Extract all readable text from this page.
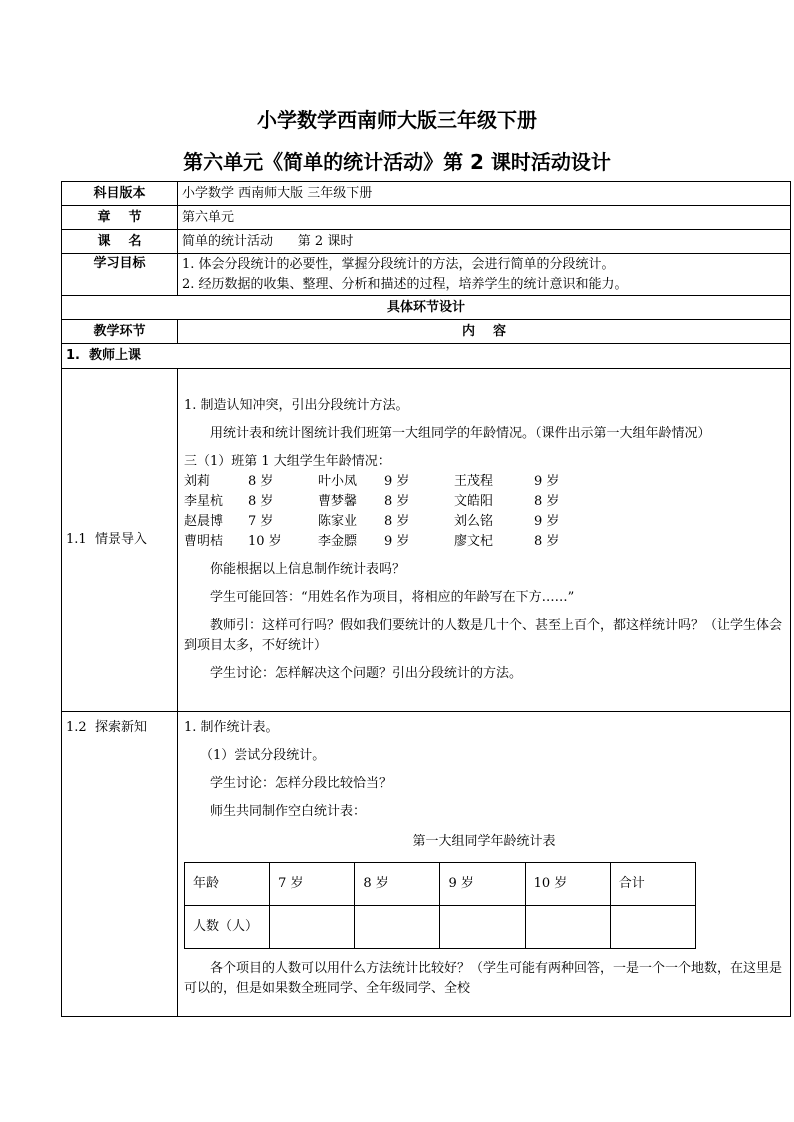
小学数学西南师大版三年级下册
第六单元《简单的统计活动》第 2 课时活动设计
科目版本	小学数学 西南师大版 三年级下册
章    节	第六单元
课    名	简单的统计活动      第 2 课时
学习目标	1. 体会分段统计的必要性，掌握分段统计的方法，会进行简单的分段统计。
2. 经历数据的收集、整理、分析和描述的过程，培养学生的统计意识和能力。

具体环节设计
教学环节	内    容
1.  教师上课
1.1  情景导入	

1. 制造认知冲突，引出分段统计方法。

用统计表和统计图统计我们班第一大组同学的年龄情况。（课件出示第一大组年龄情况）

三（1）班第 1 大组学生年龄情况：

刘莉	8 岁	叶小凤 9 岁	王茂程	9 岁
李星杭 8 岁	曹梦馨 8 岁	文皓阳	8 岁
赵晨博 7 岁	陈家业 8 岁	刘么铭	9 岁
曹明桔 10 岁	李金膘 9 岁	廖文杞	8 岁

你能根据以上信息制作统计表吗？

学生可能回答：“用姓名作为项目，将相应的年龄写在下方……”

教师引：这样可行吗？假如我们要统计的人数是几十个、甚至上百个，都这样统计吗？（让学生体会到项目太多，不好统计）

学生讨论：怎样解决这个问题？引出分段统计的方法。

1.2  探索新知	1. 制作统计表。

（1）尝试分段统计。

学生讨论：怎样分段比较恰当？

师生共同制作空白统计表：

第一大组同学年龄统计表
年龄	7 岁	8 岁	9 岁	10 岁	合计
人数（人）					

各个项目的人数可以用什么方法统计比较好？（学生可能有两种回答，一是一个一个地数，在这里是可以的，但是如果数全班同学、全年级同学、全校
